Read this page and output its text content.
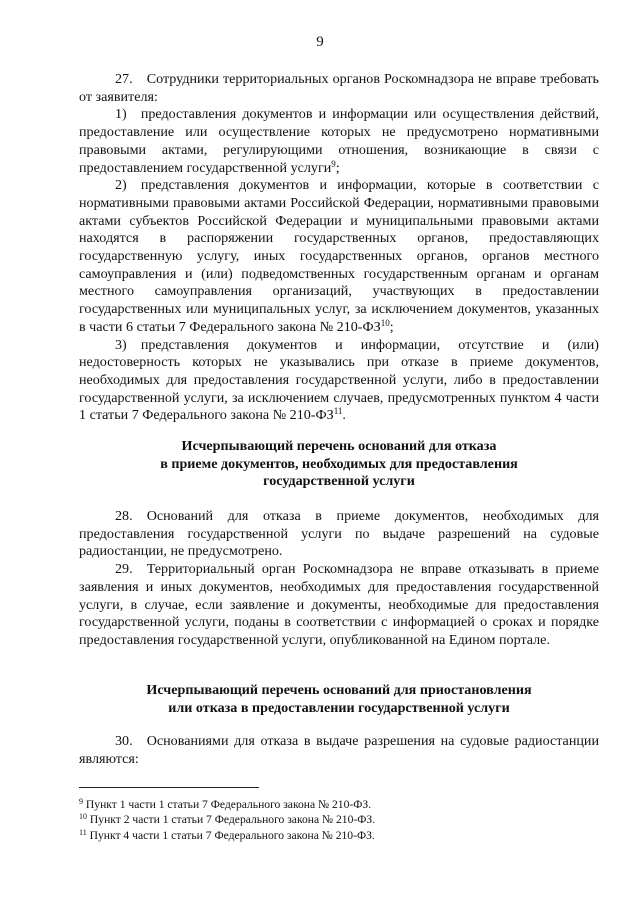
9

27. Сотрудники территориальных органов Роскомнадзора не вправе требовать от заявителя:

1) предоставления документов и информации или осуществления действий, предоставление или осуществление которых не предусмотрено нормативными правовыми актами, регулирующими отношения, возникающие в связи с предоставлением государственной услуги$^9$;

2) представления документов и информации, которые в соответствии с нормативными правовыми актами Российской Федерации, нормативными правовыми актами субъектов Российской Федерации и муниципальными правовыми актами находятся в распоряжении государственных органов, предоставляющих государственную услугу, иных государственных органов, органов местного самоуправления и (или) подведомственных государственным органам и органам местного самоуправления организаций, участвующих в предоставлении государственных или муниципальных услуг, за исключением документов, указанных в части 6 статьи 7 Федерального закона № 210-ФЗ$^{10}$;

3) представления документов и информации, отсутствие и (или) недостоверность которых не указывались при отказе в приеме документов, необходимых для предоставления государственной услуги, либо в предоставлении государственной услуги, за исключением случаев, предусмотренных пунктом 4 части 1 статьи 7 Федерального закона № 210-ФЗ$^{11}$.

Исчерпывающий перечень оснований для отказа
в приеме документов, необходимых для предоставления
государственной услуги

28. Оснований для отказа в приеме документов, необходимых для предоставления государственной услуги по выдаче разрешений на судовые радиостанции, не предусмотрено.

29. Территориальный орган Роскомнадзора не вправе отказывать в приеме заявления и иных документов, необходимых для предоставления государственной услуги, в случае, если заявление и документы, необходимые для предоставления государственной услуги, поданы в соответствии с информацией о сроках и порядке предоставления государственной услуги, опубликованной на Едином портале.

Исчерпывающий перечень оснований для приостановления
или отказа в предоставлении государственной услуги

30. Основаниями для отказа в выдаче разрешения на судовые радиостанции являются:

$^9$ Пункт 1 части 1 статьи 7 Федерального закона № 210-ФЗ.

$^{10}$ Пункт 2 части 1 статьи 7 Федерального закона № 210-ФЗ.

$^{11}$ Пункт 4 части 1 статьи 7 Федерального закона № 210-ФЗ.
